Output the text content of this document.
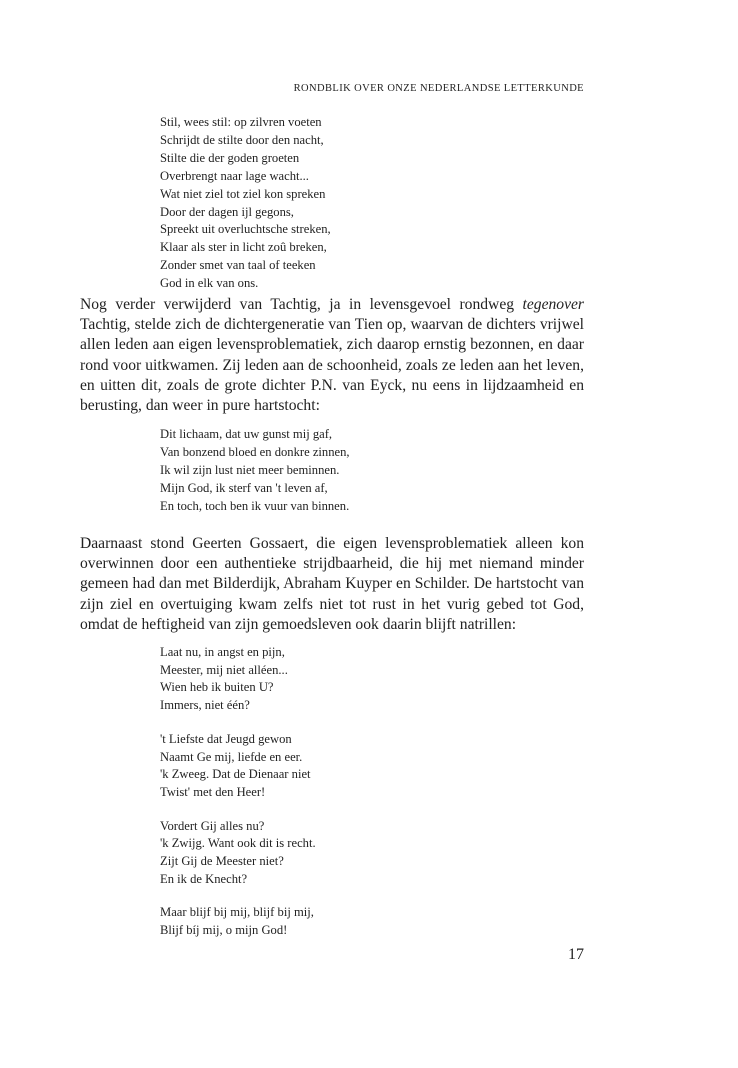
RONDBLIK OVER ONZE NEDERLANDSE LETTERKUNDE
Stil, wees stil: op zilvren voeten
Schrijdt de stilte door den nacht,
Stilte die der goden groeten
Overbrengt naar lage wacht...
Wat niet ziel tot ziel kon spreken
Door der dagen ijl gegons,
Spreekt uit overluchtsche streken,
Klaar als ster in licht zoû breken,
Zonder smet van taal of teeken
God in elk van ons.

Nog verder verwijderd van Tachtig, ja in levensgevoel rondweg tegenover Tachtig, stelde zich de dichtergeneratie van Tien op, waarvan de dichters vrijwel allen leden aan eigen levensproblematiek, zich daarop ernstig bezonnen, en daar rond voor uitkwamen. Zij leden aan de schoonheid, zoals ze leden aan het leven, en uitten dit, zoals de grote dichter P.N. van Eyck, nu eens in lijdzaamheid en berusting, dan weer in pure hartstocht:

Dit lichaam, dat uw gunst mij gaf,
Van bonzend bloed en donkre zinnen,
Ik wil zijn lust niet meer beminnen.
Mijn God, ik sterf van 't leven af,
En toch, toch ben ik vuur van binnen.

Daarnaast stond Geerten Gossaert, die eigen levensproblematiek alleen kon overwinnen door een authentieke strijdbaarheid, die hij met niemand minder gemeen had dan met Bilderdijk, Abraham Kuyper en Schilder. De hartstocht van zijn ziel en overtuiging kwam zelfs niet tot rust in het vurig gebed tot God, omdat de heftigheid van zijn gemoedsleven ook daarin blijft natrillen:

Laat nu, in angst en pijn,
Meester, mij niet alléen...
Wien heb ik buiten U?
Immers, niet één?
't Liefste dat Jeugd gewon
Naamt Ge mij, liefde en eer.
'k Zweeg. Dat de Dienaar niet
Twist' met den Heer!
Vordert Gij alles nu?
'k Zwijg. Want ook dit is recht.
Zijt Gij de Meester niet?
En ik de Knecht?
Maar blijf bij mij, blijf bij mij,
Blijf bíj mij, o mijn God!
17
